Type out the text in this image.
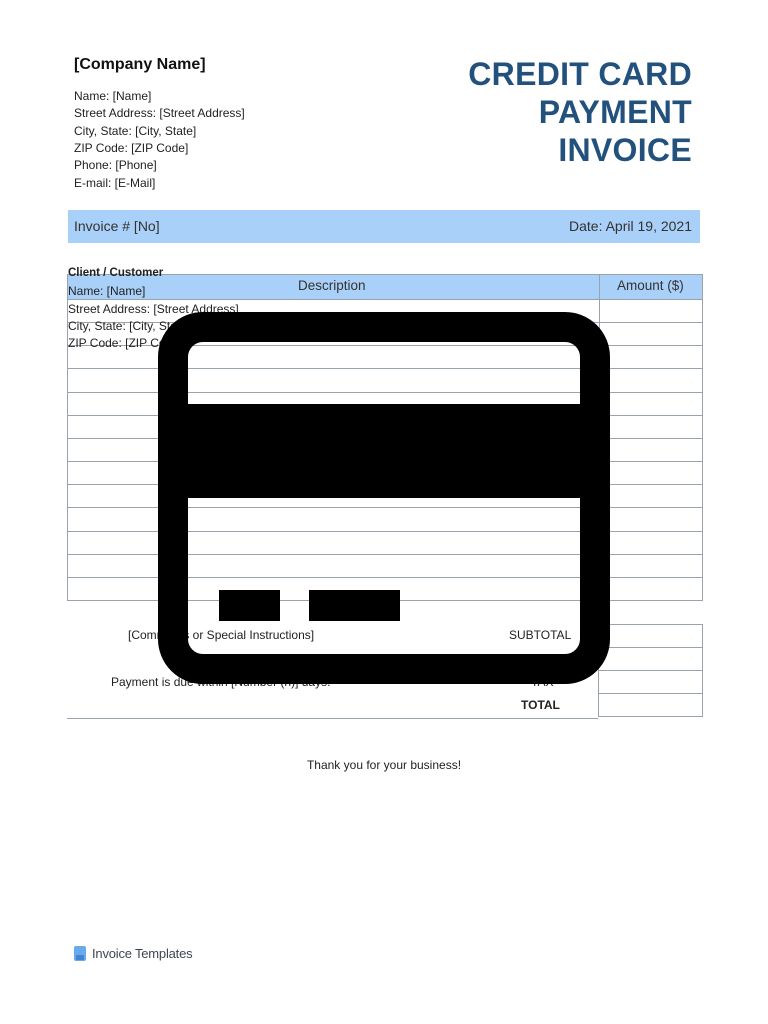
[Company Name]
Name: [Name]
Street Address: [Street Address]
City, State: [City, State]
ZIP Code: [ZIP Code]
Phone: [Phone]
E-mail: [E-Mail]
CREDIT CARD
PAYMENT
INVOICE
Invoice # [No]	Date: April 19, 2021
Description	Amount ($)
Client / Customer
Name: [Name]
Street Address: [Street Address]
City, State: [City, State]
ZIP Code: [ZIP Code]
[Comments or Special Instructions]
Payment is due within [Number (n)] days.
SUBTOTAL
TAX
TOTAL
Thank you for your business!
Invoice Templates
